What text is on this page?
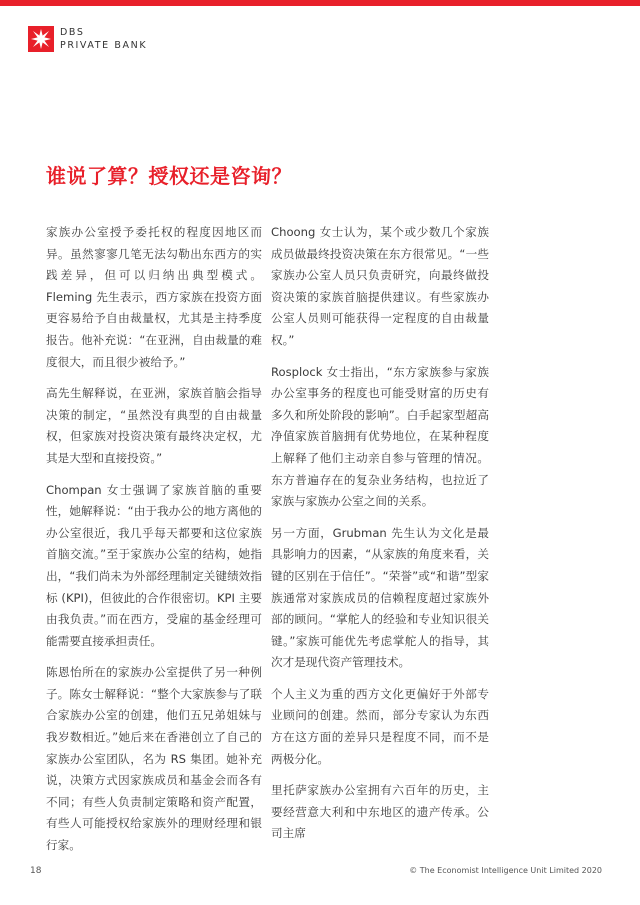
DBS
PRIVATE BANK
谁说了算？授权还是咨询？

家族办公室授予委托权的程度因地区而异。虽然寥寥几笔无法勾勒出东西方的实践差异，但可以归纳出典型模式。Fleming 先生表示，西方家族在投资方面更容易给予自由裁量权，尤其是主持季度报告。他补充说：“在亚洲，自由裁量的难度很大，而且很少被给予。”

高先生解释说，在亚洲，家族首脑会指导决策的制定，“虽然没有典型的自由裁量权，但家族对投资决策有最终决定权，尤其是大型和直接投资。”

Chompan 女士强调了家族首脑的重要性，她解释说：“由于我办公的地方离他的办公室很近，我几乎每天都要和这位家族首脑交流。”至于家族办公室的结构，她指出，“我们尚未为外部经理制定关键绩效指标 (KPI)，但彼此的合作很密切。KPI 主要由我负责。”而在西方，受雇的基金经理可能需要直接承担责任。

陈恩怡所在的家族办公室提供了另一种例子。陈女士解释说：“整个大家族参与了联合家族办公室的创建，他们五兄弟姐妹与我岁数相近。”她后来在香港创立了自己的家族办公室团队，名为 RS 集团。她补充说，决策方式因家族成员和基金会而各有不同；有些人负责制定策略和资产配置，有些人可能授权给家族外的理财经理和银行家。

Choong 女士认为，某个或少数几个家族成员做最终投资决策在东方很常见。“一些家族办公室人员只负责研究，向最终做投资决策的家族首脑提供建议。有些家族办公室人员则可能获得一定程度的自由裁量权。”

Rosplock 女士指出，“东方家族参与家族办公室事务的程度也可能受财富的历史有多久和所处阶段的影响”。白手起家型超高净值家族首脑拥有优势地位，在某种程度上解释了他们主动亲自参与管理的情况。东方普遍存在的复杂业务结构，也拉近了家族与家族办公室之间的关系。

另一方面，Grubman 先生认为文化是最具影响力的因素，“从家族的角度来看，关键的区别在于信任”。“荣誉”或“和谐”型家族通常对家族成员的信赖程度超过家族外部的顾问。“掌舵人的经验和专业知识很关键。”家族可能优先考虑掌舵人的指导，其次才是现代资产管理技术。

个人主义为重的西方文化更偏好于外部专业顾问的创建。然而，部分专家认为东西方在这方面的差异只是程度不同，而不是两极分化。

里托萨家族办公室拥有六百年的历史，主要经营意大利和中东地区的遗产传承。公司主席

18	© The Economist Intelligence Unit Limited 2020
